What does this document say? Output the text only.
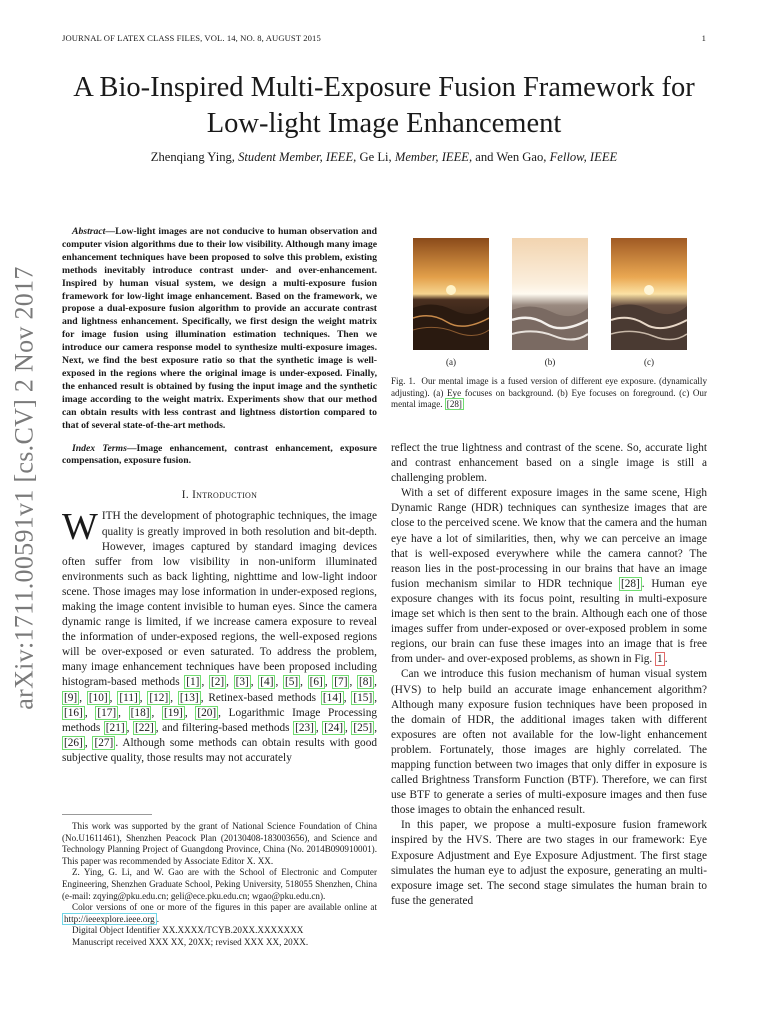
JOURNAL OF LATEX CLASS FILES, VOL. 14, NO. 8, AUGUST 2015	1
arXiv:1711.00591v1 [cs.CV] 2 Nov 2017
A Bio-Inspired Multi-Exposure Fusion Framework for Low-light Image Enhancement
Zhenqiang Ying, Student Member, IEEE, Ge Li, Member, IEEE, and Wen Gao, Fellow, IEEE
Abstract—Low-light images are not conducive to human observation and computer vision algorithms due to their low visibility. Although many image enhancement techniques have been proposed to solve this problem, existing methods inevitably introduce contrast under- and over-enhancement. Inspired by human visual system, we design a multi-exposure fusion framework for low-light image enhancement. Based on the framework, we propose a dual-exposure fusion algorithm to provide an accurate contrast and lightness enhancement. Specifically, we first design the weight matrix for image fusion using illumination estimation techniques. Then we introduce our camera response model to synthesize multi-exposure images. Next, we find the best exposure ratio so that the synthetic image is well-exposed in the regions where the original image is under-exposed. Finally, the enhanced result is obtained by fusing the input image and the synthetic image according to the weight matrix. Experiments show that our method can obtain results with less contrast and lightness distortion compared to that of several state-of-the-art methods.
Index Terms—Image enhancement, contrast enhancement, exposure compensation, exposure fusion.
I. Introduction

WITH the development of photographic techniques, the image quality is greatly improved in both resolution and bit-depth. However, images captured by standard imaging devices often suffer from low visibility in non-uniform illuminated environments such as back lighting, nighttime and low-light indoor scene. Those images may lose information in under-exposed regions, making the image content invisible to human eyes. Since the camera dynamic range is limited, if we increase camera exposure to reveal the information of under-exposed regions, the well-exposed regions will be over-exposed or even saturated. To address the problem, many image enhancement techniques have been proposed including histogram-based methods [1] , [2] , [3] , [4] , [5] , [6] , [7] , [8] , [9] , [10] , [11] , [12] , [13] , Retinex-based methods [14] , [15] , [16] , [17] , [18] , [19] , [20] , Logarithmic Image Processing methods [21] , [22] , and filtering-based methods [23] , [24] , [25] , [26] , [27] . Although some methods can obtain results with good subjective quality, those results may not accurately

This work was supported by the grant of National Science Foundation of China (No.U1611461), Shenzhen Peacock Plan (20130408-183003656), and Science and Technology Planning Project of Guangdong Province, China (No. 2014B090910001). This paper was recommended by Associate Editor X. XX.

Z. Ying, G. Li, and W. Gao are with the School of Electronic and Computer Engineering, Shenzhen Graduate School, Peking University, 518055 Shenzhen, China (e-mail: zqying@pku.edu.cn; geli@ece.pku.edu.cn; wgao@pku.edu.cn).

Color versions of one or more of the figures in this paper are available online at http://ieeexplore.ieee.org .

Digital Object Identifier XX.XXXX/TCYB.20XX.XXXXXXX

Manuscript received XXX XX, 20XX; revised XXX XX, 20XX.

(a)	(b)	(c)
Fig. 1. Our mental image is a fused version of different eye exposure. (dynamically adjusting). (a) Eye focuses on background. (b) Eye focuses on foreground. (c) Our mental image. [28]

reflect the true lightness and contrast of the scene. So, accurate light and contrast enhancement based on a single image is still a challenging problem.

With a set of different exposure images in the same scene, High Dynamic Range (HDR) techniques can synthesize images that are close to the perceived scene. We know that the camera and the human eye have a lot of similarities, then, why we can perceive an image that is well-exposed everywhere while the camera cannot? The reason lies in the post-processing in our brains that have an image fusion mechanism similar to HDR technique [28] . Human eye exposure changes with its focus point, resulting in multi-exposure image set which is then sent to the brain. Although each one of those images suffer from under-exposed or over-exposed problem in some regions, our brain can fuse these images into an image that is free from under- and over-exposed problems, as shown in Fig. 1 .

Can we introduce this fusion mechanism of human visual system (HVS) to help build an accurate image enhancement algorithm? Although many exposure fusion techniques have been proposed in the domain of HDR, the additional images taken with different exposures are often not available for the low-light enhancement problem. Fortunately, those images are highly correlated. The mapping function between two images that only differ in exposure is called Brightness Transform Function (BTF). Therefore, we can first use BTF to generate a series of multi-exposure images and then fuse those images to obtain the enhanced result.

In this paper, we propose a multi-exposure fusion framework inspired by the HVS. There are two stages in our framework: Eye Exposure Adjustment and Eye Exposure Adjustment. The first stage simulates the human eye to adjust the exposure, generating an multi-exposure image set. The second stage simulates the human brain to fuse the generated
